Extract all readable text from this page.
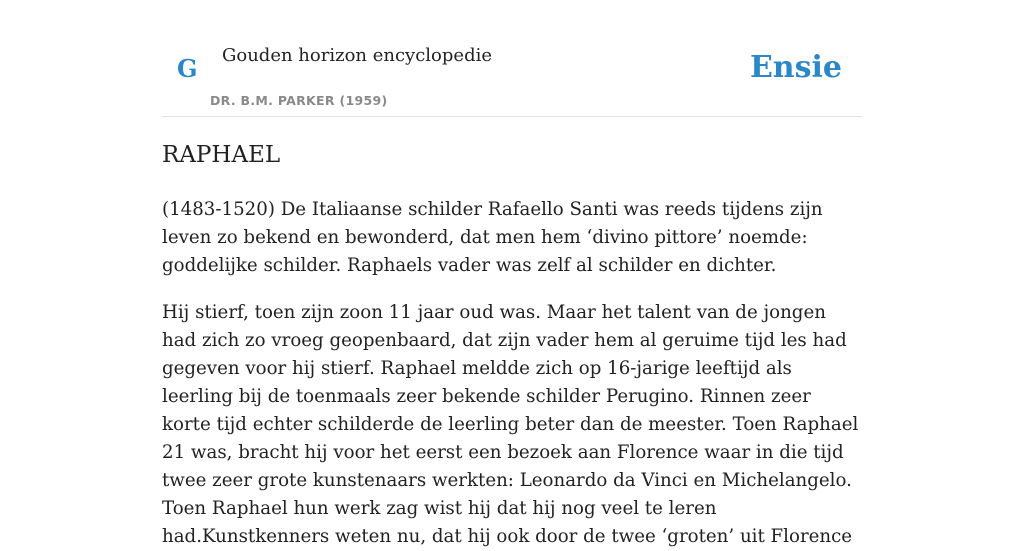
G Gouden horizon encyclopedie
DR. B.M. PARKER (1959)
Ensie
RAPHAEL

(1483-1520) De Italiaanse schilder Rafaello Santi was reeds tijdens zijn leven zo bekend en bewonderd, dat men hem ‘divino pittore’ noemde: goddelijke schilder. Raphaels vader was zelf al schilder en dichter.

Hij stierf, toen zijn zoon 11 jaar oud was. Maar het talent van de jongen had zich zo vroeg geopenbaard, dat zijn vader hem al geruime tijd les had gegeven voor hij stierf. Raphael meldde zich op 16-jarige leeftijd als leerling bij de toenmaals zeer bekende schilder Perugino. Rinnen zeer korte tijd echter schilderde de leerling beter dan de meester. Toen Raphael 21 was, bracht hij voor het eerst een bezoek aan Florence waar in die tijd twee zeer grote kunstenaars werkten: Leonardo da Vinci en Michelangelo. Toen Raphael hun werk zag wist hij dat hij nog veel te leren had.Kunstkenners weten nu, dat hij ook door de twee ‘groten’ uit Florence
